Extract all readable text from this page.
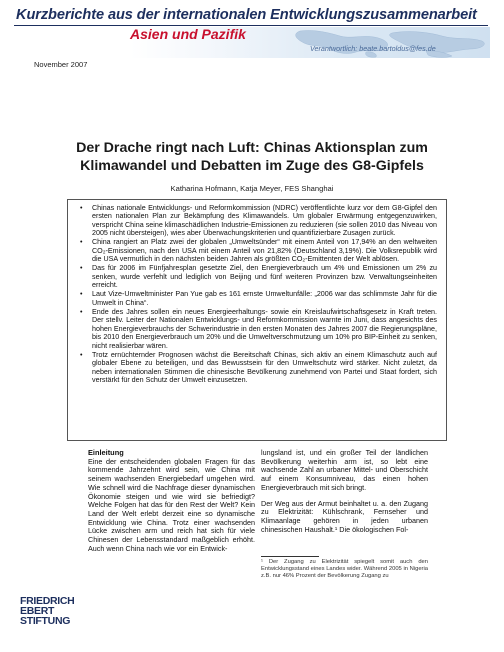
Kurzberichte aus der internationalen Entwicklungszusammenarbeit
Asien und Pazifik
Verantwortlich: beate.bartoldus@fes.de
November 2007
Der Drache ringt nach Luft: Chinas Aktionsplan zum
Klimawandel und Debatten im Zuge des G8-Gipfels
Katharina Hofmann, Katja Meyer, FES Shanghai
• Chinas nationale Entwicklungs- und Reformkommission (NDRC) veröffentlichte kurz vor dem G8-Gipfel den ersten nationalen Plan zur Bekämpfung des Klimawandels. Um globaler Erwärmung entgegenzuwirken, verspricht China seine klimaschädlichen Industrie-Emissionen zu reduzieren (sie sollen 2010 das Niveau von 2005 nicht übersteigen), wies aber Überwachungskriterien und quantifizierbare Zusagen zurück.
• China rangiert an Platz zwei der globalen „Umweltsünder“ mit einem Anteil von 17,94% an den weltweiten CO₂-Emissionen, nach den USA mit einem Anteil von 21,82% (Deutschland 3,19%). Die Volksrepublik wird die USA vermutlich in den nächsten beiden Jahren als größten CO₂-Emittenten der Welt ablösen.
• Das für 2006 im Fünfjahresplan gesetzte Ziel, den Energieverbrauch um 4% und Emissionen um 2% zu senken, wurde verfehlt und lediglich von Beijing und fünf weiteren Provinzen bzw. Verwaltungseinheiten erreicht.
• Laut Vize-Umweltminister Pan Yue gab es 161 ernste Umweltunfälle: „2006 war das schlimmste Jahr für die Umwelt in China“.
• Ende des Jahres sollen ein neues Energieerhaltungs- sowie ein Kreislaufwirtschaftsgesetz in Kraft treten. Der stellv. Leiter der Nationalen Entwicklungs- und Reformkommission warnte im Juni, dass angesichts des hohen Energieverbrauchs der Schwerindustrie in den ersten Monaten des Jahres 2007 die Regierungspläne, bis 2010 den Energieverbrauch um 20% und die Umweltverschmutzung um 10% pro BIP-Einheit zu senken, nicht realisierbar wären.
• Trotz ernüchternder Prognosen wächst die Bereitschaft Chinas, sich aktiv an einem Klimaschutz auch auf globaler Ebene zu beteiligen, und das Bewusstsein für den Umweltschutz wird stärker. Nicht zuletzt, da neben internationalen Stimmen die chinesische Bevölkerung zunehmend von Partei und Staat fordert, sich verstärkt für den Schutz der Umwelt einzusetzen.
Einleitung

Eine der entscheidenden globalen Fragen für das kommende Jahrzehnt wird sein, wie China mit seinem wachsenden Energiebedarf umgehen wird. Wie schnell wird die Nachfrage dieser dynamischen Ökonomie steigen und wie wird sie befriedigt? Welche Folgen hat das für den Rest der Welt? Kein Land der Welt erlebt derzeit eine so dynamische Entwicklung wie China. Trotz einer wachsenden Lücke zwischen arm und reich hat sich für viele Chinesen der Lebensstandard maßgeblich erhöht. Auch wenn China nach wie vor ein Entwick-

lungsland ist, und ein großer Teil der ländlichen Bevölkerung weiterhin arm ist, so lebt eine wachsende Zahl an urbaner Mittel- und Oberschicht auf einem Konsumniveau, das einen hohen Energieverbrauch mit sich bringt.

Der Weg aus der Armut beinhaltet u. a. den Zugang zu Elektrizität: Kühlschrank, Fernseher und Klimaanlage gehören in jeden urbanen chinesischen Haushalt.¹ Die ökologischen Fol-

¹ Der Zugang zu Elektrizität spiegelt somit auch den Entwicklungsstand eines Landes wider. Während 2005 in Nigeria z.B. nur 46% Prozent der Bevölkerung Zugang zu
FRIEDRICH
EBERT
STIFTUNG
